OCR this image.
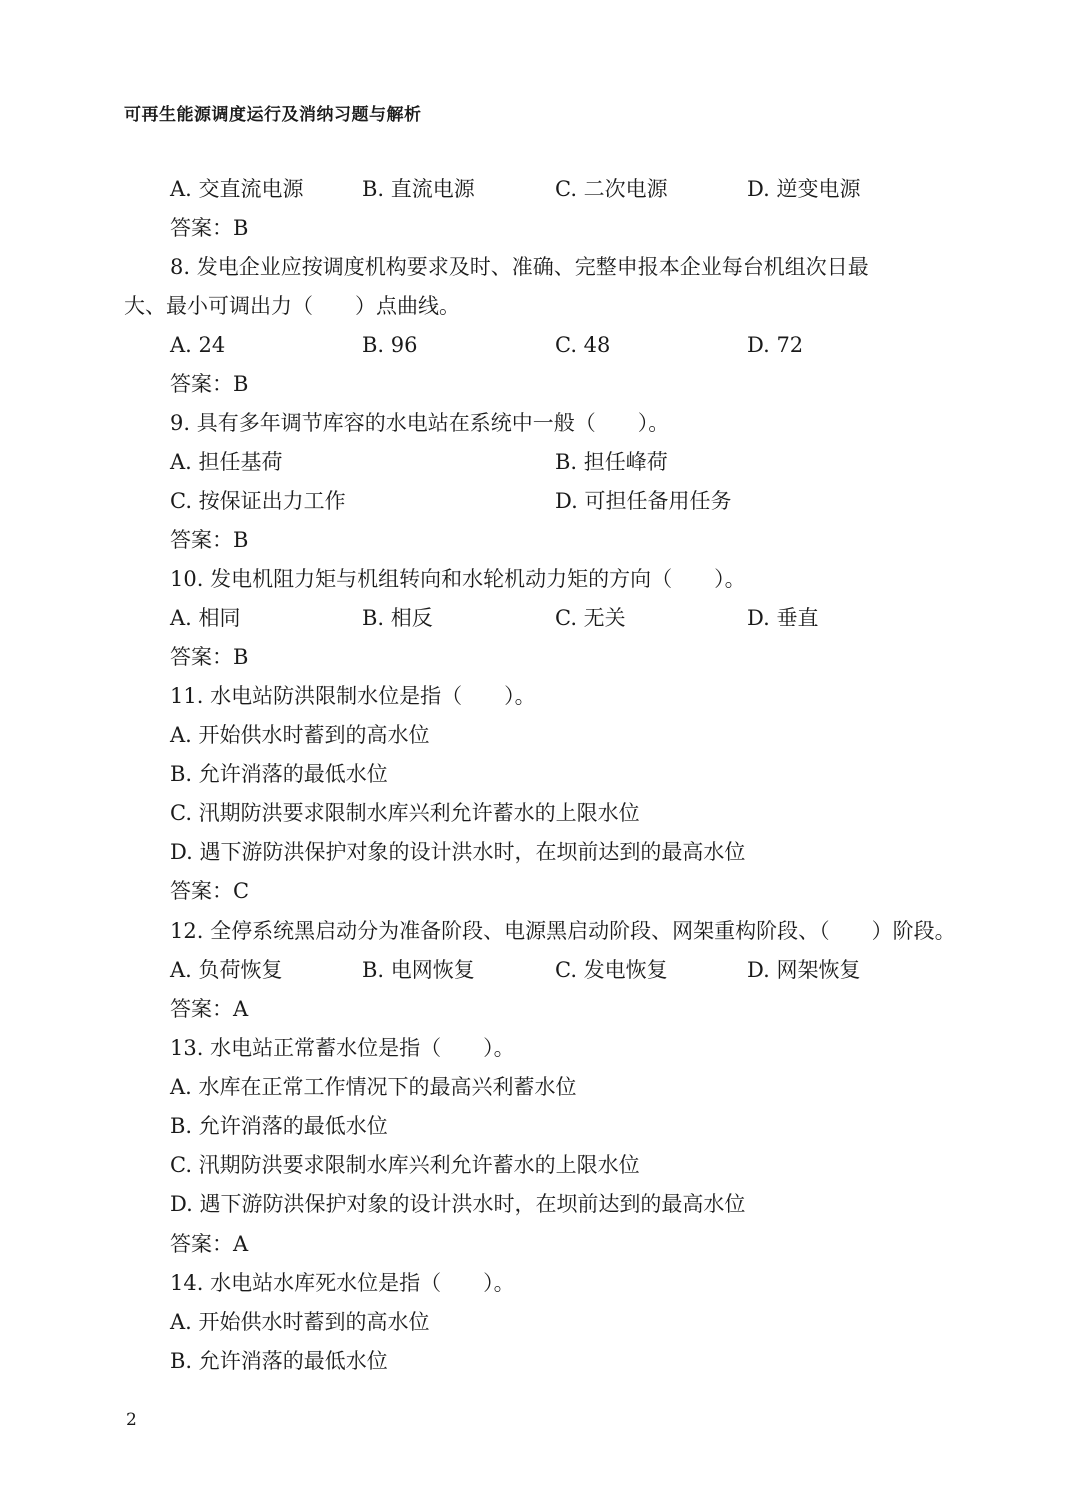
可再生能源调度运行及消纳习题与解析
A. 交直流电源	B. 直流电源	C. 二次电源	D. 逆变电源
答案：B
8. 发电企业应按调度机构要求及时、准确、完整申报本企业每台机组次日最
大、最小可调出力（　　）点曲线。
A. 24	B. 96	C. 48	D. 72
答案：B
9. 具有多年调节库容的水电站在系统中一般（　　）。
A. 担任基荷	B. 担任峰荷
C. 按保证出力工作	D. 可担任备用任务
答案：B
10. 发电机阻力矩与机组转向和水轮机动力矩的方向（　　）。
A. 相同	B. 相反	C. 无关	D. 垂直
答案：B
11. 水电站防洪限制水位是指（　　）。
A. 开始供水时蓄到的高水位
B. 允许消落的最低水位
C. 汛期防洪要求限制水库兴利允许蓄水的上限水位
D. 遇下游防洪保护对象的设计洪水时，在坝前达到的最高水位
答案：C
12. 全停系统黑启动分为准备阶段、电源黑启动阶段、网架重构阶段、（　　）阶段。
A. 负荷恢复	B. 电网恢复	C. 发电恢复	D. 网架恢复
答案：A
13. 水电站正常蓄水位是指（　　）。
A. 水库在正常工作情况下的最高兴利蓄水位
B. 允许消落的最低水位
C. 汛期防洪要求限制水库兴利允许蓄水的上限水位
D. 遇下游防洪保护对象的设计洪水时，在坝前达到的最高水位
答案：A
14. 水电站水库死水位是指（　　）。
A. 开始供水时蓄到的高水位
B. 允许消落的最低水位
2
